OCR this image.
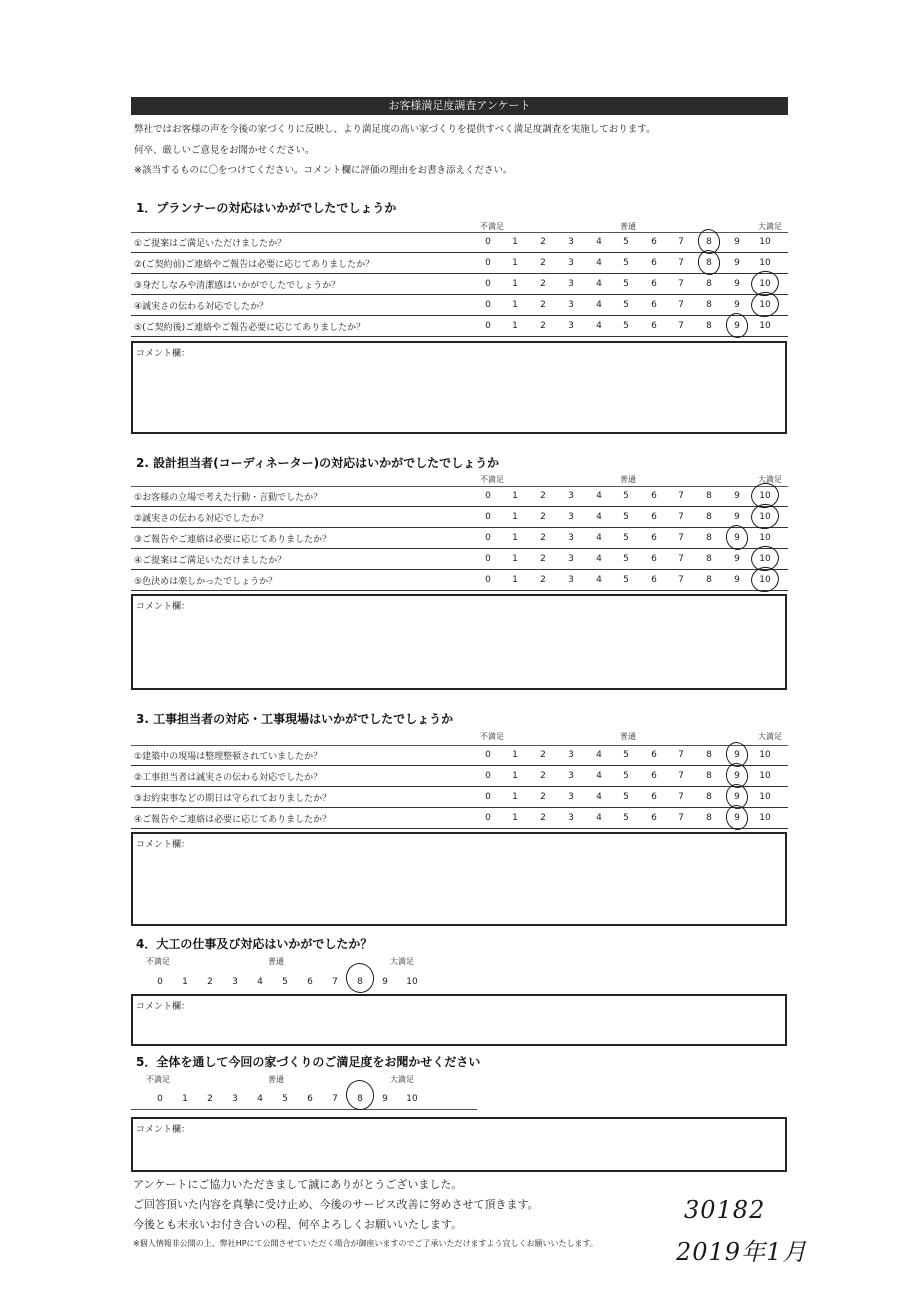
お客様満足度調査アンケート
弊社ではお客様の声を今後の家づくりに反映し、より満足度の高い家づくりを提供すべく満足度調査を実施しております。
何卒、厳しいご意見をお聞かせください。
※該当するものに〇をつけてください。コメント欄に評価の理由をお書き添えください。
1．プランナーの対応はいかがでしたでしょうか
不満足	普通	大満足
①ご提案はご満足いただけましたか？	0	1	2	3	4	5	6	7	8	9	10
②(ご契約前)ご連絡やご報告は必要に応じてありましたか？	0	1	2	3	4	5	6	7	8	9	10
③身だしなみや清潔感はいかがでしたでしょうか？	0	1	2	3	4	5	6	7	8	9	10
④誠実さの伝わる対応でしたか？	0	1	2	3	4	5	6	7	8	9	10
⑤(ご契約後)ご連絡やご報告必要に応じてありましたか？	0	1	2	3	4	5	6	7	8	9	10
コメント欄：
2. 設計担当者(コーディネーター)の対応はいかがでしたでしょうか
不満足	普通	大満足
①お客様の立場で考えた行動・言動でしたか？	0	1	2	3	4	5	6	7	8	9	10
②誠実さの伝わる対応でしたか？	0	1	2	3	4	5	6	7	8	9	10
③ご報告やご連絡は必要に応じてありましたか？	0	1	2	3	4	5	6	7	8	9	10
④ご提案はご満足いただけましたか？	0	1	2	3	4	5	6	7	8	9	10
⑤色決めは楽しかったでしょうか？	0	1	2	3	4	5	6	7	8	9	10
コメント欄：
3. 工事担当者の対応・工事現場はいかがでしたでしょうか
不満足	普通	大満足
①建築中の現場は整理整頓されていましたか？	0	1	2	3	4	5	6	7	8	9	10
②工事担当者は誠実さの伝わる対応でしたか？	0	1	2	3	4	5	6	7	8	9	10
③お約束事などの期日は守られておりましたか？	0	1	2	3	4	5	6	7	8	9	10
④ご報告やご連絡は必要に応じてありましたか？	0	1	2	3	4	5	6	7	8	9	10
コメント欄：
4．大工の仕事及び対応はいかがでしたか？
不満足	普通	大満足
0	1	2	3	4	5	6	7	8	9	10
コメント欄：
5．全体を通して今回の家づくりのご満足度をお聞かせください
不満足	普通	大満足
0	1	2	3	4	5	6	7	8	9	10
コメント欄：
アンケートにご協力いただきまして誠にありがとうございました。
ご回答頂いた内容を真摯に受け止め、今後のサービス改善に努めさせて頂きます。
今後とも末永いお付き合いの程、何卒よろしくお願いいたします。
※個人情報非公開の上、弊社HPにて公開させていただく場合が御座いますのでご了承いただけますよう宜しくお願いいたします。
30182
2019年1月
